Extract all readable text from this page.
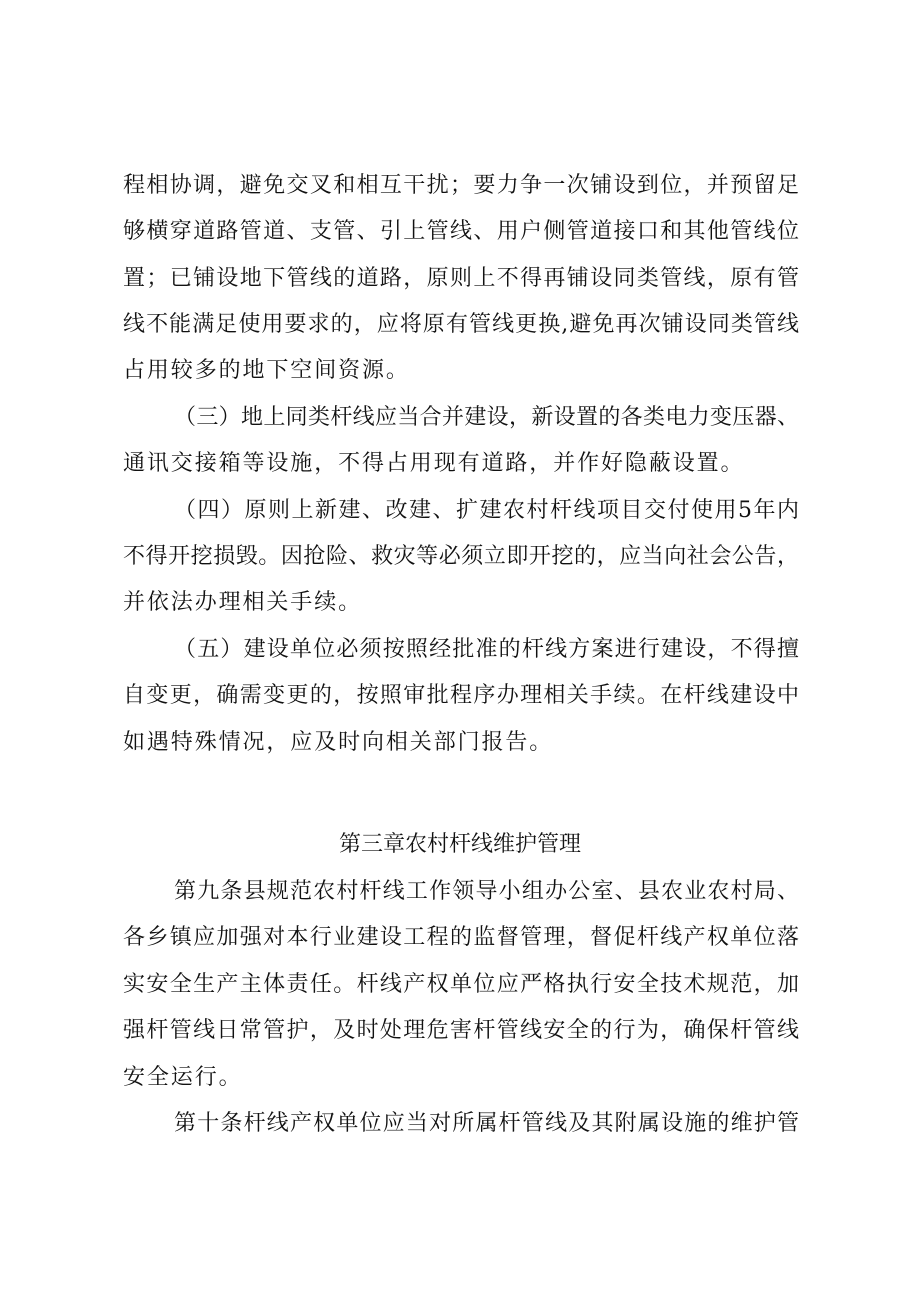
程相协调，避免交叉和相互干扰；要力争一次铺设到位，并预留足
够横穿道路管道、支管、引上管线、用户侧管道接口和其他管线位
置；已铺设地下管线的道路，原则上不得再铺设同类管线，原有管
线不能满足使用要求的，应将原有管线更换,避免再次铺设同类管线
占用较多的地下空间资源。
（三）地上同类杆线应当合并建设，新设置的各类电力变压器、
通讯交接箱等设施，不得占用现有道路，并作好隐蔽设置。
（四）原则上新建、改建、扩建农村杆线项目交付使用5年内
不得开挖损毁。因抢险、救灾等必须立即开挖的，应当向社会公告，
并依法办理相关手续。
（五）建设单位必须按照经批准的杆线方案进行建设，不得擅
自变更，确需变更的，按照审批程序办理相关手续。在杆线建设中
如遇特殊情况，应及时向相关部门报告。
第三章农村杆线维护管理
第九条县规范农村杆线工作领导小组办公室、县农业农村局、
各乡镇应加强对本行业建设工程的监督管理，督促杆线产权单位落
实安全生产主体责任。杆线产权单位应严格执行安全技术规范，加
强杆管线日常管护，及时处理危害杆管线安全的行为，确保杆管线
安全运行。
第十条杆线产权单位应当对所属杆管线及其附属设施的维护管
